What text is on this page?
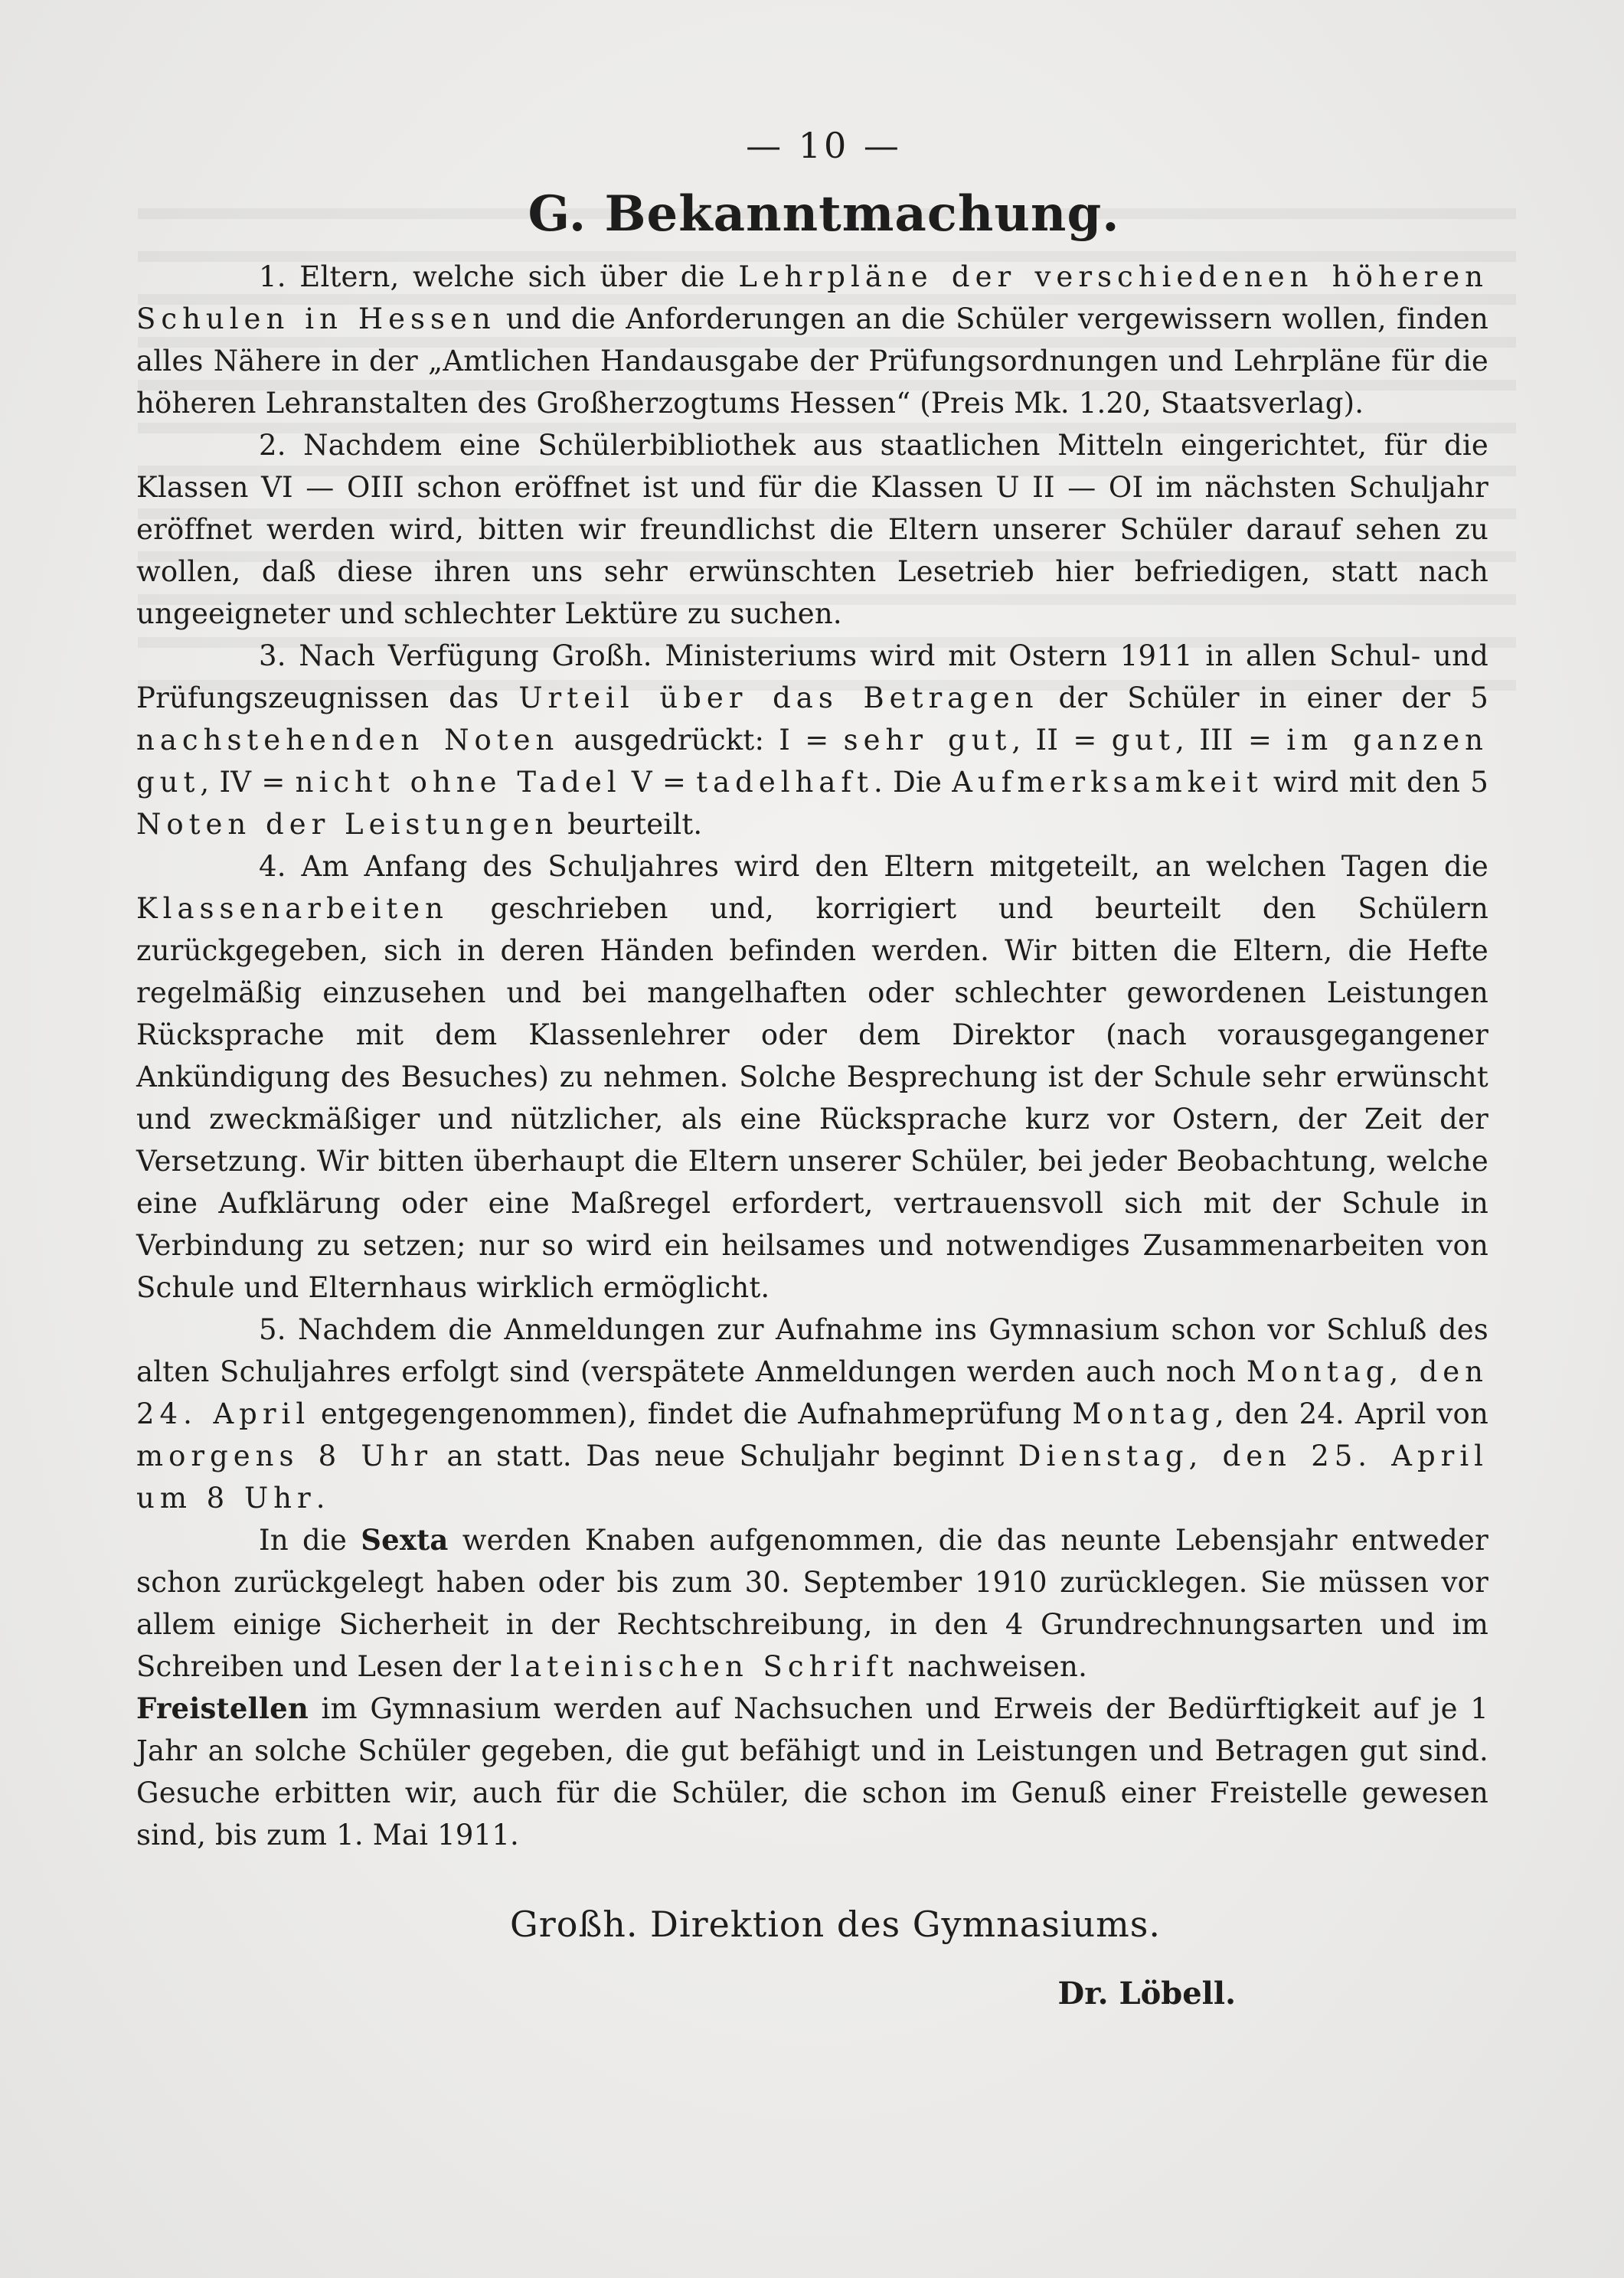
— 10 —
G. Bekanntmachung.

1. Eltern, welche sich über die Lehrpläne der verschiedenen höheren Schulen in Hessen und die Anforderungen an die Schüler vergewissern wollen, finden alles Nähere in der „Amtlichen Handausgabe der Prüfungsordnungen und Lehrpläne für die höheren Lehranstalten des Großherzogtums Hessen“ (Preis Mk. 1.20, Staatsverlag).

2. Nachdem eine Schülerbibliothek aus staatlichen Mitteln eingerichtet, für die Klassen VI — OIII schon eröffnet ist und für die Klassen U II — OI im nächsten Schuljahr eröffnet werden wird, bitten wir freundlichst die Eltern unserer Schüler darauf sehen zu wollen, daß diese ihren uns sehr erwünschten Lesetrieb hier befriedigen, statt nach ungeeigneter und schlechter Lektüre zu suchen.

3. Nach Verfügung Großh. Ministeriums wird mit Ostern 1911 in allen Schul- und Prüfungszeugnissen das Urteil über das Betragen der Schüler in einer der 5 nachstehenden Noten ausgedrückt: I = sehr gut, II = gut, III = im ganzen gut, IV = nicht ohne Tadel V = tadelhaft. Die Aufmerksamkeit wird mit den 5 Noten der Leistungen beurteilt.

4. Am Anfang des Schuljahres wird den Eltern mitgeteilt, an welchen Tagen die Klassenarbeiten geschrieben und, korrigiert und beurteilt den Schülern zurückgegeben, sich in deren Händen befinden werden. Wir bitten die Eltern, die Hefte regelmäßig einzusehen und bei mangelhaften oder schlechter gewordenen Leistungen Rücksprache mit dem Klassenlehrer oder dem Direktor (nach vorausgegangener Ankündigung des Besuches) zu nehmen. Solche Besprechung ist der Schule sehr erwünscht und zweckmäßiger und nützlicher, als eine Rücksprache kurz vor Ostern, der Zeit der Versetzung. Wir bitten überhaupt die Eltern unserer Schüler, bei jeder Beobachtung, welche eine Aufklärung oder eine Maßregel erfordert, vertrauensvoll sich mit der Schule in Verbindung zu setzen; nur so wird ein heilsames und notwendiges Zusammenarbeiten von Schule und Elternhaus wirklich ermöglicht.

5. Nachdem die Anmeldungen zur Aufnahme ins Gymnasium schon vor Schluß des alten Schuljahres erfolgt sind (verspätete Anmeldungen werden auch noch Montag, den 24. April entgegengenommen), findet die Aufnahmeprüfung Montag, den 24. April von morgens 8 Uhr an statt. Das neue Schuljahr beginnt Dienstag, den 25. April um 8 Uhr.

In die Sexta werden Knaben aufgenommen, die das neunte Lebensjahr entweder schon zurückgelegt haben oder bis zum 30. September 1910 zurücklegen. Sie müssen vor allem einige Sicherheit in der Rechtschreibung, in den 4 Grundrechnungsarten und im Schreiben und Lesen der lateinischen Schrift nachweisen.

Freistellen im Gymnasium werden auf Nachsuchen und Erweis der Bedürftigkeit auf je 1 Jahr an solche Schüler gegeben, die gut befähigt und in Leistungen und Betragen gut sind. Gesuche erbitten wir, auch für die Schüler, die schon im Genuß einer Freistelle gewesen sind, bis zum 1. Mai 1911.

Großh. Direktion des Gymnasiums.
Dr. Löbell.
